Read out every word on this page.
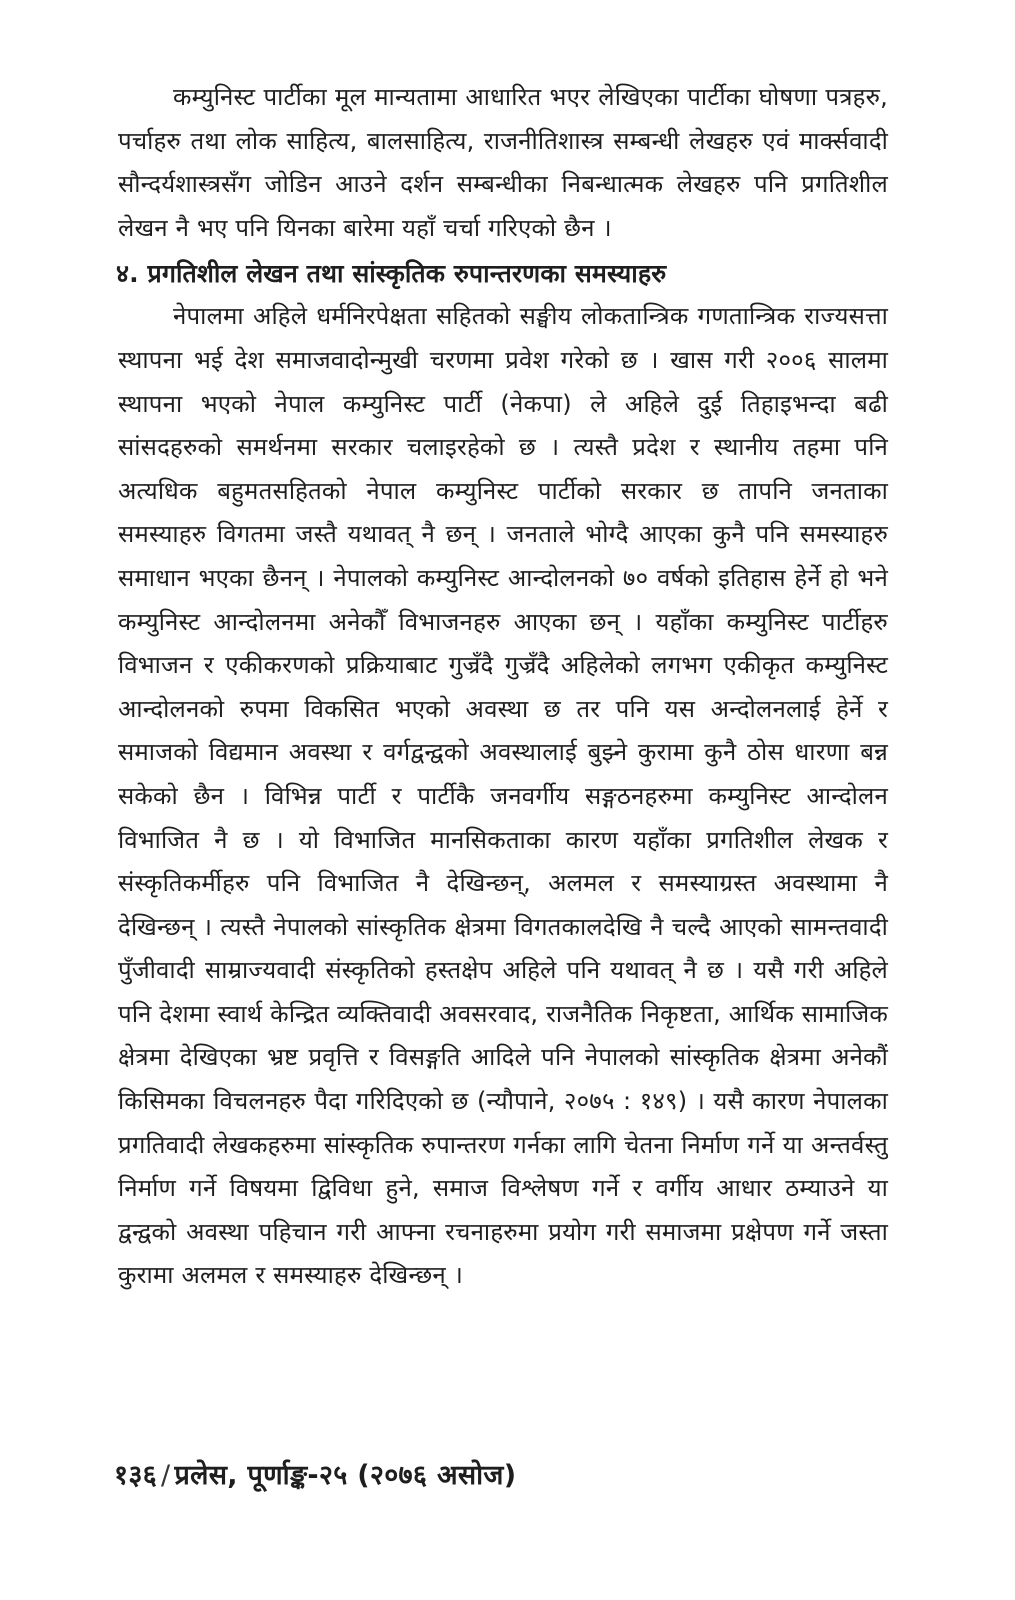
कम्युनिस्ट पार्टीका मूल मान्यतामा आधारित भएर लेखिएका पार्टीका घोषणा पत्रहरु, पर्चाहरु तथा लोक साहित्य, बालसाहित्य, राजनीतिशास्त्र सम्बन्धी लेखहरु एवं मार्क्सवादी सौन्दर्यशास्त्रसँग जोडिन आउने दर्शन सम्बन्धीका निबन्धात्मक लेखहरु पनि प्रगतिशील लेखन नै भए पनि यिनका बारेमा यहाँ चर्चा गरिएको छैन ।

४. प्रगतिशील लेखन तथा सांस्कृतिक रुपान्तरणका समस्याहरु

नेपालमा अहिले धर्मनिरपेक्षता सहितको सङ्घीय लोकतान्त्रिक गणतान्त्रिक राज्यसत्ता स्थापना भई देश समाजवादोन्मुखी चरणमा प्रवेश गरेको छ । खास गरी २००६ सालमा स्थापना भएको नेपाल कम्युनिस्ट पार्टी (नेकपा) ले अहिले दुई तिहाइभन्दा बढी सांसदहरुको समर्थनमा सरकार चलाइरहेको छ । त्यस्तै प्रदेश र स्थानीय तहमा पनि अत्यधिक बहुमतसहितको नेपाल कम्युनिस्ट पार्टीको सरकार छ तापनि जनताका समस्याहरु विगतमा जस्तै यथावत् नै छन् । जनताले भोग्दै आएका कुनै पनि समस्याहरु समाधान भएका छैनन् । नेपालको कम्युनिस्ट आन्दोलनको ७० वर्षको इतिहास हेर्ने हो भने कम्युनिस्ट आन्दोलनमा अनेकौँ विभाजनहरु आएका छन् । यहाँका कम्युनिस्ट पार्टीहरु विभाजन र एकीकरणको प्रक्रियाबाट गुज्रँदै गुज्रँदै अहिलेको लगभग एकीकृत कम्युनिस्ट आन्दोलनको रुपमा विकसित भएको अवस्था छ तर पनि यस अन्दोलनलाई हेर्ने र समाजको विद्यमान अवस्था र वर्गद्वन्द्वको अवस्थालाई बुझ्ने कुरामा कुनै ठोस धारणा बन्न सकेको छैन । विभिन्न पार्टी र पार्टीकै जनवर्गीय सङ्गठनहरुमा कम्युनिस्ट आन्दोलन विभाजित नै छ । यो विभाजित मानसिकताका कारण यहाँका प्रगतिशील लेखक र संस्कृतिकर्मीहरु पनि विभाजित नै देखिन्छन्, अलमल र समस्याग्रस्त अवस्थामा नै देखिन्छन् । त्यस्तै नेपालको सांस्कृतिक क्षेत्रमा विगतकालदेखि नै चल्दै आएको सामन्तवादी पुँजीवादी साम्राज्यवादी संस्कृतिको हस्तक्षेप अहिले पनि यथावत् नै छ । यसै गरी अहिले पनि देशमा स्वार्थ केन्द्रित व्यक्तिवादी अवसरवाद, राजनैतिक निकृष्टता, आर्थिक सामाजिक क्षेत्रमा देखिएका भ्रष्ट प्रवृत्ति र विसङ्गति आदिले पनि नेपालको सांस्कृतिक क्षेत्रमा अनेकौं किसिमका विचलनहरु पैदा गरिदिएको छ (न्यौपाने, २०७५ : १४९) । यसै कारण नेपालका प्रगतिवादी लेखकहरुमा सांस्कृतिक रुपान्तरण गर्नका लागि चेतना निर्माण गर्ने या अन्तर्वस्तु निर्माण गर्ने विषयमा द्विविधा हुने, समाज विश्लेषण गर्ने र वर्गीय आधार ठम्याउने या द्वन्द्वको अवस्था पहिचान गरी आफ्ना रचनाहरुमा प्रयोग गरी समाजमा प्रक्षेपण गर्ने जस्ता कुरामा अलमल र समस्याहरु देखिन्छन् ।

१३६ / प्रलेस, पूर्णाङ्क-२५ (२०७६ असोज)
